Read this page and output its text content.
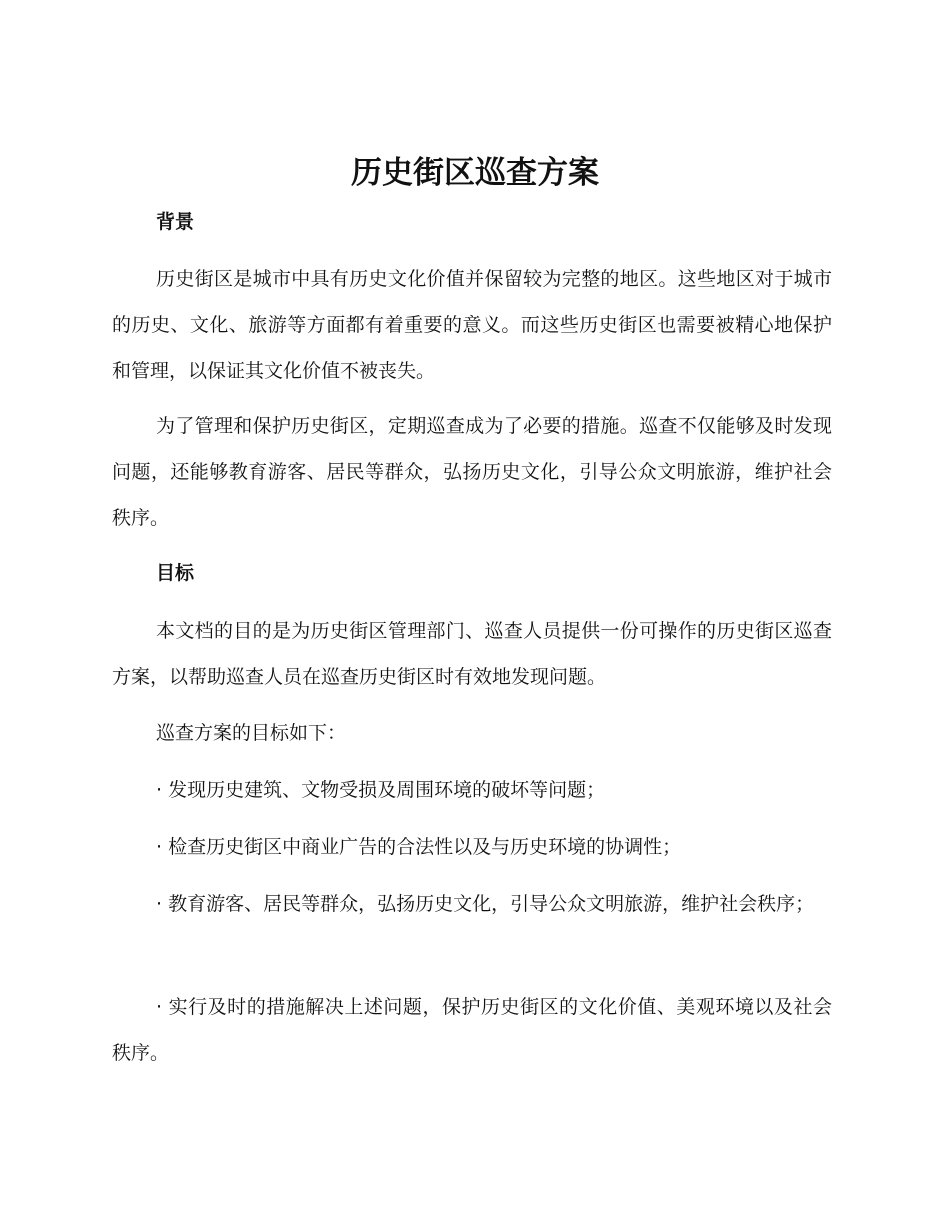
历史街区巡查方案
背景

历史街区是城市中具有历史文化价值并保留较为完整的地区。这些地区对于城市的历史、文化、旅游等方面都有着重要的意义。而这些历史街区也需要被精心地保护和管理，以保证其文化价值不被丧失。

为了管理和保护历史街区，定期巡查成为了必要的措施。巡查不仅能够及时发现问题，还能够教育游客、居民等群众，弘扬历史文化，引导公众文明旅游，维护社会秩序。

目标

本文档的目的是为历史街区管理部门、巡查人员提供一份可操作的历史街区巡查方案，以帮助巡查人员在巡查历史街区时有效地发现问题。

巡查方案的目标如下：

· 发现历史建筑、文物受损及周围环境的破坏等问题；

· 检查历史街区中商业广告的合法性以及与历史环境的协调性；

· 教育游客、居民等群众，弘扬历史文化，引导公众文明旅游，维护社会秩序；

· 实行及时的措施解决上述问题，保护历史街区的文化价值、美观环境以及社会秩序。
